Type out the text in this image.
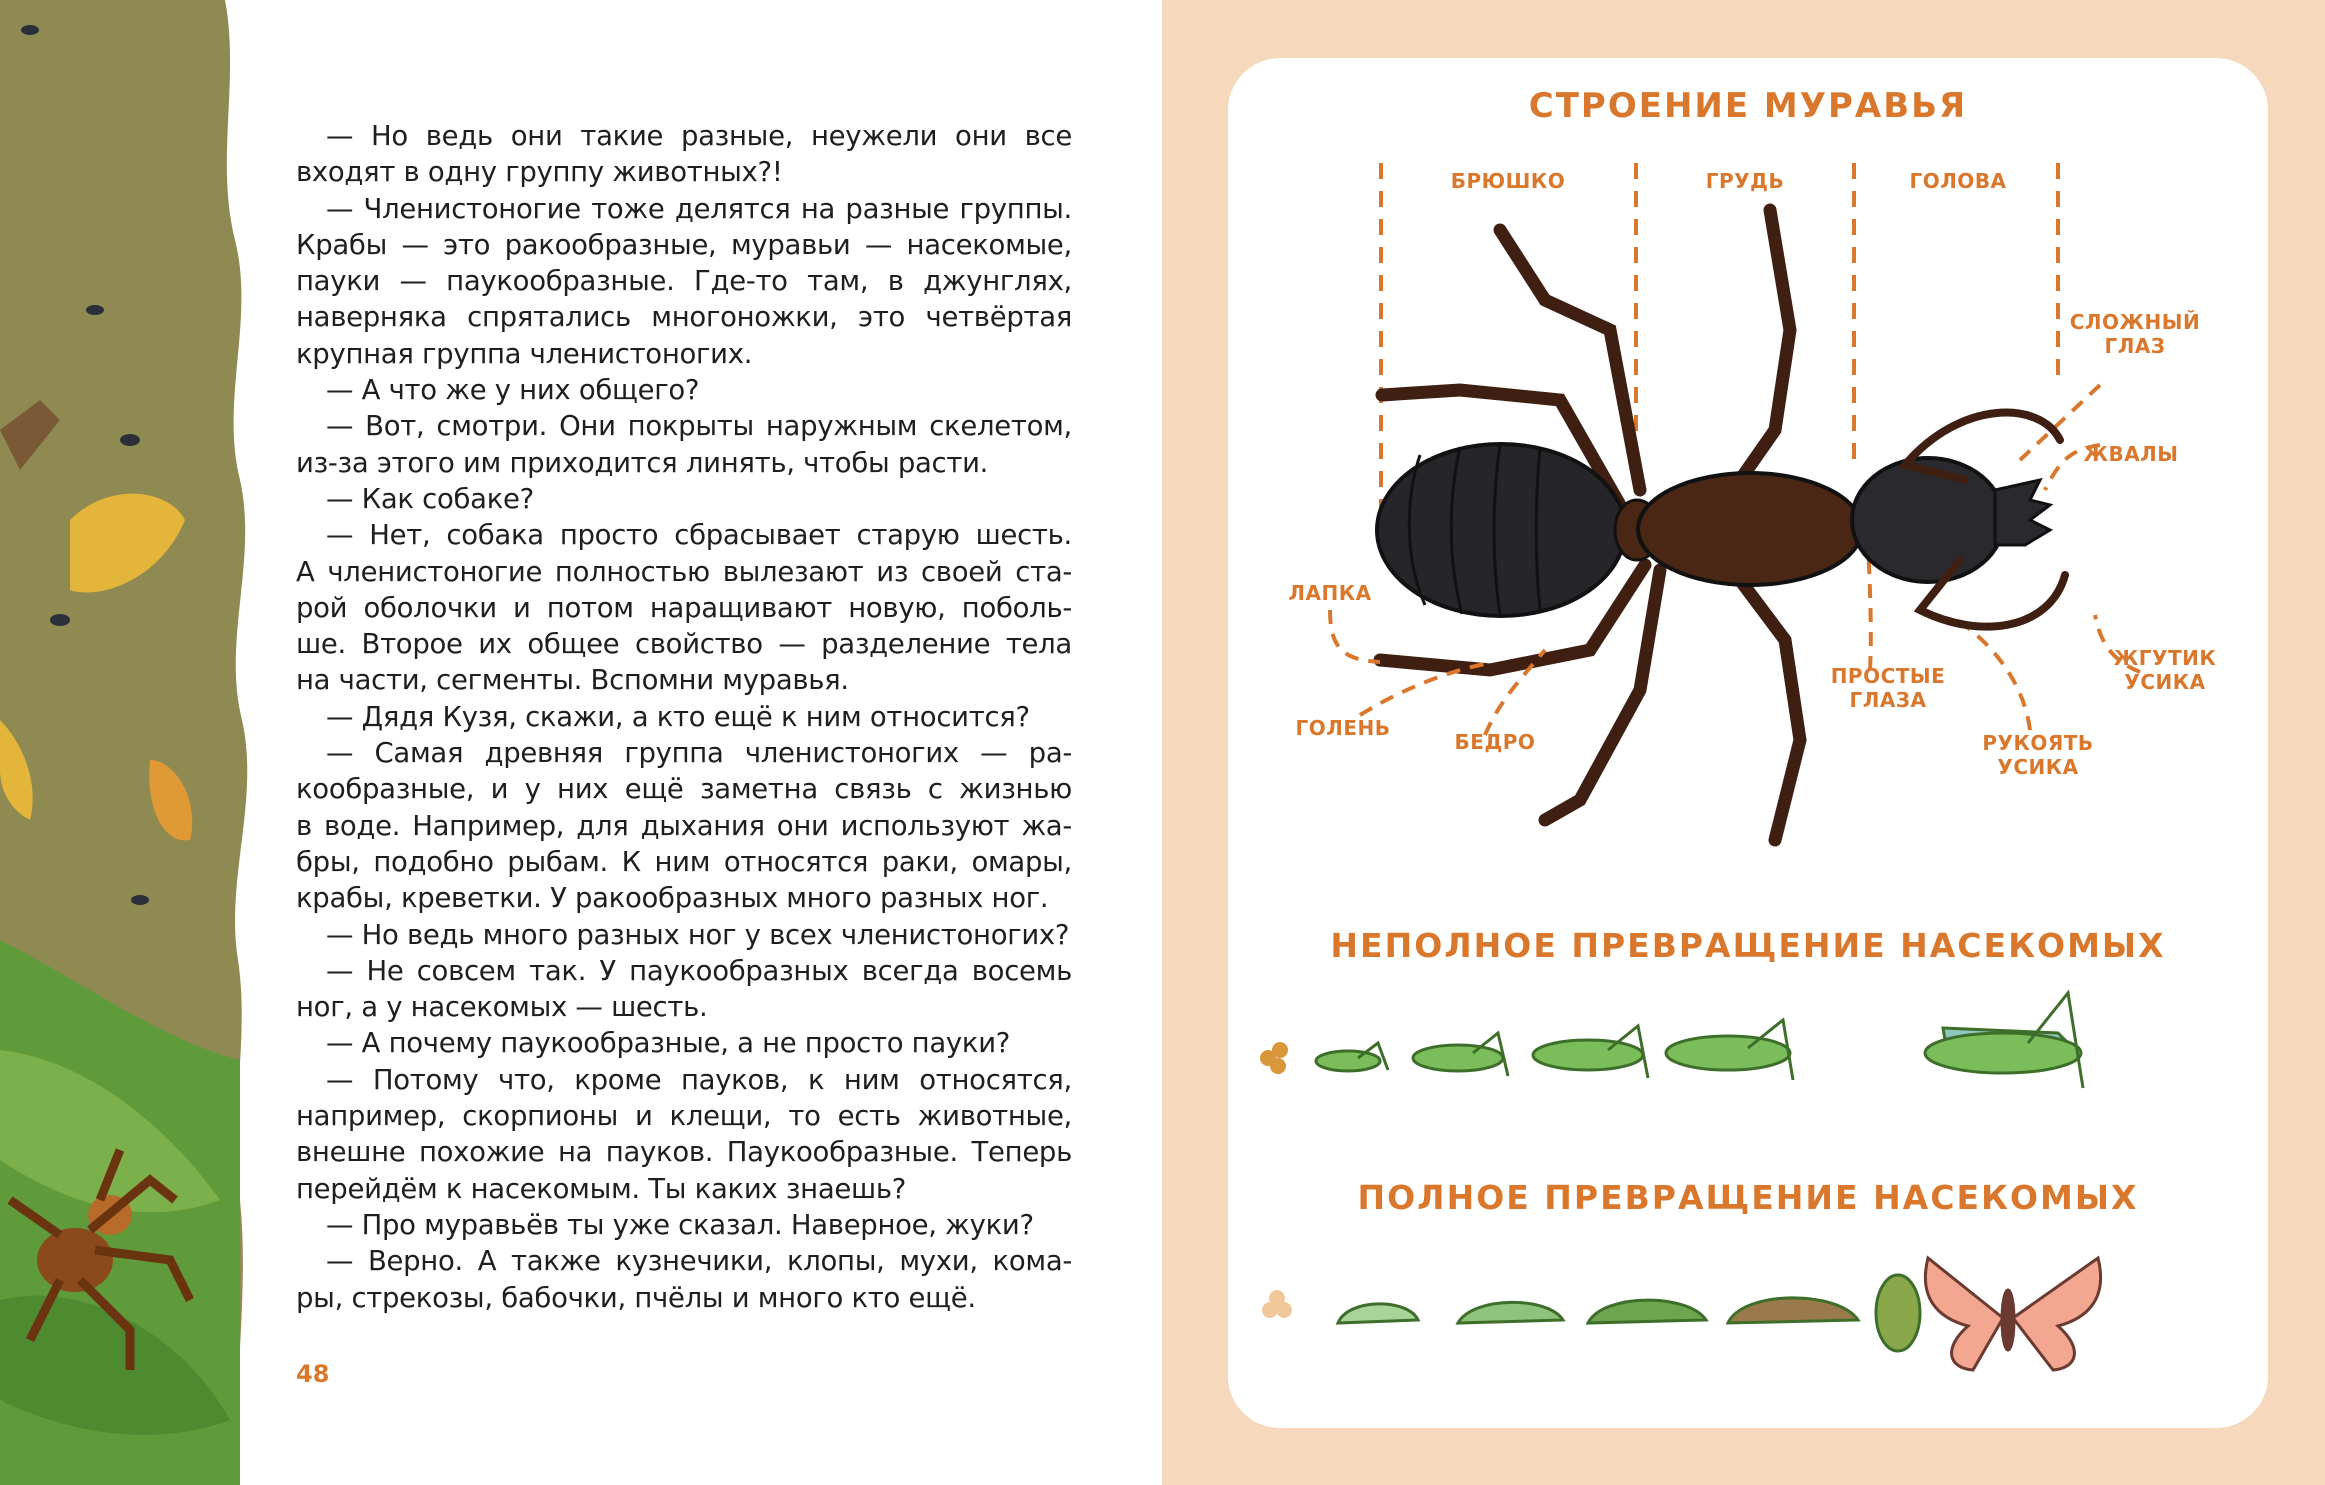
— Но ведь они такие разные, неужели они все
входят в одну группу животных?!
— Членистоногие тоже делятся на разные группы.
Крабы — это ракообразные, муравьи — насекомые,
пауки — паукообразные. Где-то там, в джунглях,
наверняка спрятались многоножки, это четвёртая
крупная группа членистоногих.
— А что же у них общего?
— Вот, смотри. Они покрыты наружным скелетом,
из-за этого им приходится линять, чтобы расти.
— Как собаке?
— Нет, собака просто сбрасывает старую шесть.
А членистоногие полностью вылезают из своей ста-
рой оболочки и потом наращивают новую, поболь-
ше. Второе их общее свойство — разделение тела
на части, сегменты. Вспомни муравья.
— Дядя Кузя, скажи, а кто ещё к ним относится?
— Самая древняя группа членистоногих — ра-
кообразные, и у них ещё заметна связь с жизнью
в воде. Например, для дыхания они используют жа-
бры, подобно рыбам. К ним относятся раки, омары,
крабы, креветки. У ракообразных много разных ног.
— Но ведь много разных ног у всех членистоногих?
— Не совсем так. У паукообразных всегда восемь
ног, а у насекомых — шесть.
— А почему паукообразные, а не просто пауки?
— Потому что, кроме пауков, к ним относятся,
например, скорпионы и клещи, то есть животные,
внешне похожие на пауков. Паукообразные. Теперь
перейдём к насекомым. Ты каких знаешь?
— Про муравьёв ты уже сказал. Наверное, жуки?
— Верно. А также кузнечики, клопы, мухи, кома-
ры, стрекозы, бабочки, пчёлы и много кто ещё.
48
СТРОЕНИЕ МУРАВЬЯ
БРЮШКО	ГРУДЬ	ГОЛОВА
СЛОЖНЫЙ
ГЛАЗ
ЖВАЛЫ
ЛАПКА
ГОЛЕНЬ
БЕДРО
ПРОСТЫЕ
ГЛАЗА
РУКОЯТЬ
УСИКА
ЖГУТИК
УСИКА
НЕПОЛНОЕ ПРЕВРАЩЕНИЕ НАСЕКОМЫХ
ПОЛНОЕ ПРЕВРАЩЕНИЕ НАСЕКОМЫХ
